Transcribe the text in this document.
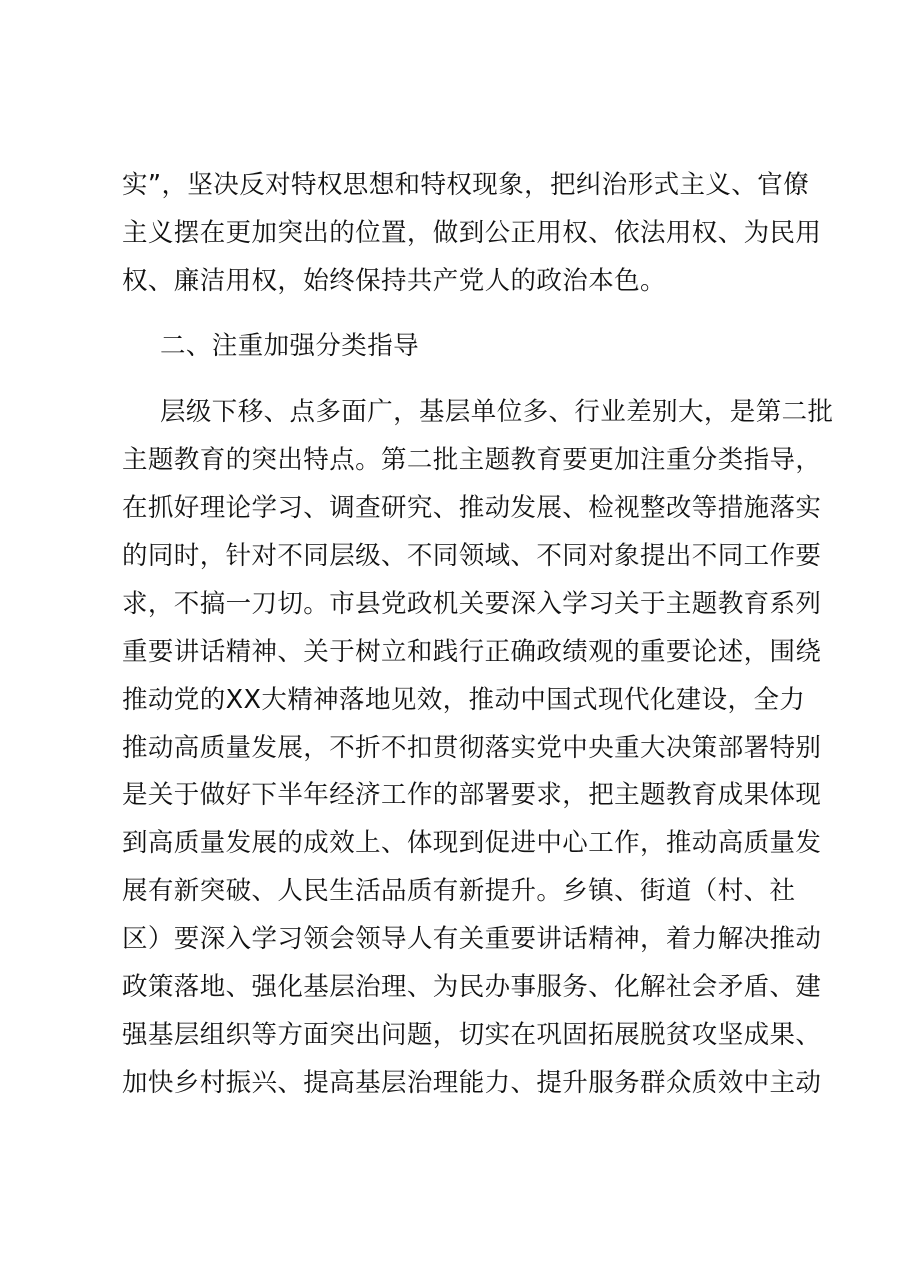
实”，坚决反对特权思想和特权现象，把纠治形式主义、官僚
主义摆在更加突出的位置，做到公正用权、依法用权、为民用
权、廉洁用权，始终保持共产党人的政治本色。
二、注重加强分类指导
层级下移、点多面广，基层单位多、行业差别大，是第二批
主题教育的突出特点。第二批主题教育要更加注重分类指导，
在抓好理论学习、调查研究、推动发展、检视整改等措施落实
的同时，针对不同层级、不同领域、不同对象提出不同工作要
求，不搞一刀切。市县党政机关要深入学习关于主题教育系列
重要讲话精神、关于树立和践行正确政绩观的重要论述，围绕
推动党的XX大精神落地见效，推动中国式现代化建设，全力
推动高质量发展，不折不扣贯彻落实党中央重大决策部署特别
是关于做好下半年经济工作的部署要求，把主题教育成果体现
到高质量发展的成效上、体现到促进中心工作，推动高质量发
展有新突破、人民生活品质有新提升。乡镇、街道（村、社
区）要深入学习领会领导人有关重要讲话精神，着力解决推动
政策落地、强化基层治理、为民办事服务、化解社会矛盾、建
强基层组织等方面突出问题，切实在巩固拓展脱贫攻坚成果、
加快乡村振兴、提高基层治理能力、提升服务群众质效中主动
